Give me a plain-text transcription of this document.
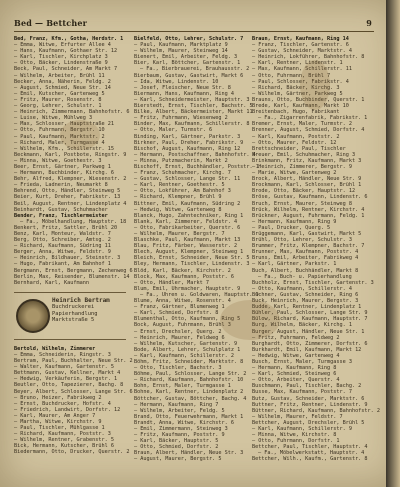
Bed — Bettcher	9
Bed, Franz, Kfm., Gotha, Herdstr. 1
– Emma, Witwe, Erfurter Allee 4
– Hans, Kaufmann, Gothaer Str. 12
– Karl, Tischler, Kirchplatz 3
– Otto, Bäcker, Lindenstraße 9
Beck, Paul, Schneider, Am Markt 7
– Wilhelm, Arbeiter, Brühl 11
Becker, Anna, Näherin, Feldg. 2
– August, Schmied, Neue Str. 14
– Emil, Kutscher, Gartenweg 5
– Fritz, Maurer, Rosenstr. 8
– Georg, Lehrer, Schulstr. 1
– Heinrich, Zimmermann, Bahnhofstr. 6
– Luise, Witwe, Mühlweg 3
– Max, Schlosser, Hauptstraße 21
– Otto, Fuhrmann, Bergstr. 10
– Paul, Kaufmann, Marktstr. 2
– Richard, Maler, Turmgasse 4
– Wilhelm, Kfm., Schillerstr. 15
Beckmann, Karl, Postbote, Ringstr. 9
– Minna, Witwe, Goethestr. 3
Beer, Ernst, Gärtner, Parkweg 1
– Hermann, Buchbinder, Kirchg. 6
Behr, Alfred, Klempner, Wiesenstr. 2
– Frieda, Ladnerin, Neumarkt 8
Behrend, Otto, Händler, Steinweg 5
Beier, Kurt, Dreher, Fabrikstr. 13
Beil, August, Rentner, Lindenplatz 4
Beinhardt, Gustav, Schuhmacher
Bender, Franz, Tischlermeister
– Fa., Möbelhandlung, Hauptstr. 18
Benkert, Fritz, Sattler, Brühl 20
Benz, Karl, Monteur, Waldstr. 7
Berg, Otto, Schreiber, Amtsg. 2
– Richard, Kaufmann, Südring 11
Berger, Anna, Witwe, Feldstr. 9
– Heinrich, Bildhauer, Steinstr. 3
– Hugo, Fabrikant, Am Bahnhof 1
Bergmann, Ernst, Bergmann, Zechenweg 6
Berlin, Max, Reisender, Blumenstr. 14
Bernhard, Karl, Kaufmann
Heinrich Bertram
Buchdruckerei
Papierhandlung
Marktstraße 5
Bertold, Wilhelm, Zimmerer
– Emma, Schneiderin, Ringstr. 3
Bertram, Paul, Buchhalter, Neue Str. 2
– Walter, Kaufmann, Gartenstr. 5
Bettmann, Gustav, Kellner, Markt 4
– Hedwig, Verkäuferin, Bergstr. 1
Beutler, Otto, Tapezierer, Bachg. 8
Beyer, Albert, Schlosser, Lange Str. 6
– Bruno, Heizer, Fabrikweg 2
– Ernst, Buchdrucker, Hofstr. 4
– Friedrich, Landwirt, Dorfstr. 12
– Karl, Maurer, Am Anger 7
– Martha, Witwe, Kirchstr. 9
– Paul, Tischler, Mühlgasse 1
– Richard, Kaufmann, Poststr. 3
– Wilhelm, Rentner, Grabenstr. 5
Bick, Hermann, Kutscher, Brühl 6
Biedermann, Otto, Drucker, Querstr. 2
Bielfeld, Otto, Lehrer, Schulstr. 7
– Paul, Kaufmann, Marktplatz 9
– Wilhelm, Maurer, Steinweg 14
Bienert, Emil, Arbeiter, Feldg. 3
Bier, Karl, Böttcher, Gartenstr. 1
– Fa., Bierbrauerei, Brauhausstr. 2
Bierbaum, Gustav, Gastwirt, Markt 6
– Ida, Witwe, Lindenstr. 10
– Josef, Fleischer, Neue Str. 8
Biermann, Hans, Kaufmann, Ring 4
– Karl, Schneidermeister, Hauptstr. 3
Bierstedt, Ernst, Tischler, Bachstr. 5
Bilke, Albert, Bäckermeister, Markt 11
– Fritz, Fuhrmann, Wiesenweg 2
Binder, Max, Kaufmann, Schillerstr. 8
– Otto, Maler, Turmstr. 6
Binding, Karl, Gärtner, Parkstr. 3
Birkner, Paul, Dreher, Fabrikstr. 9
Bischof, August, Kaufmann, Ring 12
– Hermann, Postschaffner, Bahnhofstr. 4
– Minna, Putzmacherin, Markt 2
Bischoff, Ernst, Buchhändler, Poststr. 1
– Franz, Schuhmacher, Kirchg. 7
– Gustav, Schlosser, Lange Str. 11
– Karl, Rentner, Goethestr. 5
– Otto, Lokführer, Am Bahnhof 3
– Richard, Klempner, Brühl 9
Bittner, Emil, Kaufmann, Südring 2
– Hedwig, Witwe, Gartenweg 8
Blanck, Hugo, Zahntechniker, Ring 1
Blank, Karl, Zimmerer, Feldstr. 4
– Otto, Fabrikarbeiter, Querstr. 6
– Wilhelm, Maurer, Bergstr. 7
Blaschke, Paul, Kaufmann, Markt 13
Blau, Fritz, Färber, Wasserstr. 2
Blech, August, Klempner, Steinweg 1
Bleich, Ernst, Schneider, Neue Str. 5
Bley, Hermann, Tischler, Lindenstr. 3
Blöd, Karl, Bäcker, Kirchstr. 2
Block, Max, Kaufmann, Poststr. 6
– Otto, Händler, Markt 7
Blum, Emil, Uhrmacher, Hauptstr. 9
– Fa., Uhren u. Goldwaren, Hauptstr. 9
Blume, Anna, Witwe, Rosenstr. 4
– Franz, Gärtner, Blumenweg 1
– Karl, Schmied, Dorfstr. 8
Blumenthal, Otto, Kaufmann, Ring 5
Bock, August, Fuhrmann, Brühl 3
– Ernst, Drechsler, Querg. 2
– Heinrich, Maurer, Feldweg 6
– Wilhelm, Kutscher, Gartenstr. 9
Bode, Albert, Lehrer, Schulplatz 1
– Karl, Kaufmann, Schillerstr. 2
Böhm, Fritz, Schneider, Marktstr. 8
– Otto, Tischler, Bachstr. 3
Böhme, Paul, Schlosser, Lange Str. 2
– Richard, Kaufmann, Bahnhofstr. 10
Bohn, Ernst, Maler, Turmgasse 1
Bohne, Karl, Rentner, Lindenplatz 2
Böttcher, Gustav, Böttcher, Bachg. 4
– Hermann, Kaufmann, Ring 7
– Wilhelm, Arbeiter, Feldg. 5
Brand, Otto, Feuerwehrmann, Markt 1
Brandt, Anna, Witwe, Kirchstr. 6
– Emil, Zimmermann, Steinweg 3
– Fritz, Kaufmann, Poststr. 9
– Karl, Bäcker, Hauptstr. 5
– Otto, Schmied, Dorfstr. 2
Braun, Albert, Händler, Neue Str. 3
– August, Maurer, Bergstr. 5
Braun, Ernst, Kaufmann, Ring 14
– Franz, Tischler, Gartenstr. 6
– Gustav, Schneider, Marktstr. 4
– Heinrich, Lokführer, Bahnhofstr. 8
– Karl, Rentner, Lindenstr. 1
– Max, Kaufmann, Schillerstr. 11
– Otto, Fuhrmann, Brühl 7
– Paul, Schlosser, Fabrikstr. 4
– Richard, Bäcker, Kirchg. 3
– Wilhelm, Gärtner, Parkweg 5
Brauns, Otto, Buchbinder, Querstr. 1
Brede, Karl, Kaufmann, Markt 10
Breitenbach, Hugo, Fabrikant
– Fa., Zigarrenfabrik, Fabrikstr. 1
Bremer, Ernst, Maler, Turmstr. 2
Brenner, August, Schmied, Dorfstr. 4
– Karl, Kaufmann, Poststr. 2
– Otto, Maurer, Feldstr. 12
Brettschneider, Paul, Tischler
Breuer, Emil, Schuhmacher, Ring 3
Brinkmann, Fritz, Kaufmann, Markt 3
– Heinrich, Zimmerer, Bergstr. 9
– Marie, Witwe, Gartenweg 2
Brock, Albert, Händler, Neue Str. 9
Brockmann, Karl, Schlosser, Brühl 1
Brode, Otto, Bäcker, Hauptstr. 12
Bröse, Gustav, Kaufmann, Lindenstr. 6
Bruch, Ernst, Maurer, Steinweg 8
Brück, Wilhelm, Rentner, Kirchstr. 4
Brückner, August, Fuhrmann, Feldg. 1
– Hermann, Kaufmann, Ring 9
– Paul, Drucker, Querg. 5
Brüggemann, Karl, Gastwirt, Markt 5
Brühl, Otto, Lehrer, Schulstr. 3
Brummer, Fritz, Klempner, Bachstr. 7
Brunner, Max, Kaufmann, Poststr. 4
Bruns, Emil, Arbeiter, Fabrikweg 4
– Karl, Gärtner, Parkstr. 1
Buch, Albert, Buchhändler, Markt 8
– Fa., Buch- u. Papierhandlung
Buchholz, Ernst, Tischler, Gartenstr. 3
– Otto, Kaufmann, Schillerstr. 4
Büchner, Gustav, Schneider, Ring 6
Buck, Heinrich, Maurer, Bergstr. 3
Budde, Karl, Rentner, Lindenplatz 1
Bühler, Paul, Schlosser, Lange Str. 9
Bülow, Richard, Kaufmann, Hauptstr. 7
Burg, Wilhelm, Bäcker, Kirchg. 1
Burger, August, Händler, Neue Str. 1
– Fritz, Fuhrmann, Feldweg 2
Burghardt, Otto, Zimmerer, Dorfstr. 6
Burkhardt, Emil, Kaufmann, Markt 12
– Hedwig, Witwe, Gartenweg 4
Busch, Ernst, Maler, Turmgasse 3
– Hermann, Kaufmann, Ring 8
– Karl, Schmied, Steinweg 6
– Otto, Arbeiter, Querstr. 4
Buschmann, Paul, Tischler, Bachg. 2
Busse, Max, Kaufmann, Poststr. 7
Butz, Gustav, Schneider, Marktstr. 6
Buttner, Fritz, Rentner, Lindenstr. 9
Büttner, Richard, Kaufmann, Bahnhofstr. 2
– Wilhelm, Maurer, Feldstr. 7
Bettcher, August, Drechsler, Brühl 5
– Karl, Kaufmann, Schillerstr. 9
– Minna, Witwe, Kirchstr. 8
– Otto, Fuhrmann, Dorfstr. 1
Bettcher, Paul, Tischler, Hauptstr. 4
– Fa., Möbelwerkstatt, Hauptstr. 4
Bettcher, Wilh., Kaufm., Gartenstr. 8
